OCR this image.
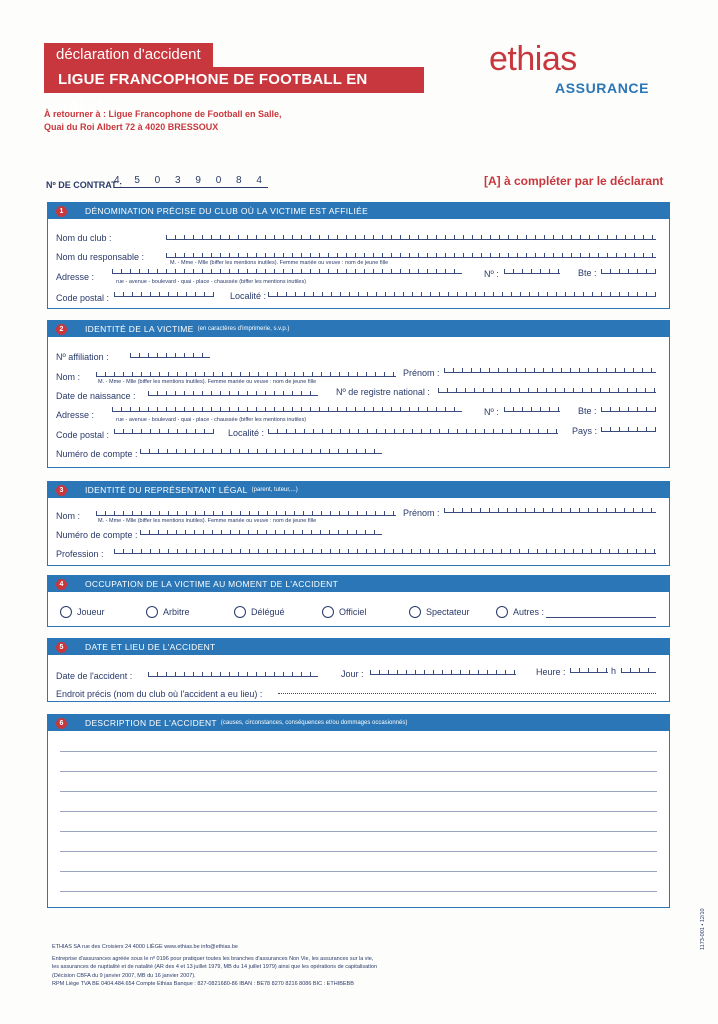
déclaration d'accident
LIGUE FRANCOPHONE DE FOOTBALL EN SALLE
ethias
ASSURANCE
À retourner à : Ligue Francophone de Football en Salle,
Quai du Roi Albert 72 à 4020 BRESSOUX
Nº DE CONTRAT :
4 5 0 3 9 0 8 4	[A] à compléter par le déclarant
1	DÉNOMINATION PRÉCISE DU CLUB OÙ LA VICTIME EST AFFILIÉE
Nom du club :
Nom du responsable :
M. - Mme - Mlle (biffer les mentions inutiles). Femme mariée ou veuve : nom de jeune fille
Adresse :	rue - avenue - boulevard - quai - place - chaussée (biffer les mentions inutiles)
Nº :	Bte :
Code postal :	Localité :
2	IDENTITÉ DE LA VICTIME (en caractères d'imprimerie, s.v.p.)
Nº affiliation :
Nom :	M. - Mme - Mlle (biffer les mentions inutiles). Femme mariée ou veuve : nom de jeune fille
Prénom :
Date de naissance :	Nº de registre national :
Adresse :	rue - avenue - boulevard - quai - place - chaussée (biffer les mentions inutiles)
Nº :	Bte :
Code postal :	Localité :	Pays :
Numéro de compte :
3	IDENTITÉ DU REPRÉSENTANT LÉGAL (parent, tuteur,...)
Nom :	M. - Mme - Mlle (biffer les mentions inutiles). Femme mariée ou veuve : nom de jeune fille
Prénom :
Numéro de compte :
Profession :
4	OCCUPATION DE LA VICTIME AU MOMENT DE L'ACCIDENT
Joueur	Arbitre	Délégué	Officiel	Spectateur	Autres :
5	DATE ET LIEU DE L'ACCIDENT
Date de l'accident :	Jour :	Heure :	h
Endroit précis (nom du club où l'accident a eu lieu) :
6	DESCRIPTION DE L'ACCIDENT (causes, circonstances, conséquences et/ou dommages occasionnés)
ETHIAS SA rue des Croisiers 24 4000 LIÈGE www.ethias.be info@ethias.be
Entreprise d'assurances agréée sous le nº 0196 pour pratiquer toutes les branches d'assurances Non Vie, les assurances sur la vie,
les assurances de nuptialité et de natalité (AR des 4 et 13 juillet 1979, MB du 14 juillet 1979) ainsi que les opérations de capitalisation
(Décision CBFA du 9 janvier 2007, MB du 16 janvier 2007).
RPM Liège TVA BE 0404.484.654 Compte Ethias Banque : 827-0821680-86 IBAN : BE78 8270 8216 8086 BIC : ETHIBEBB
1173-001 • 12/10
